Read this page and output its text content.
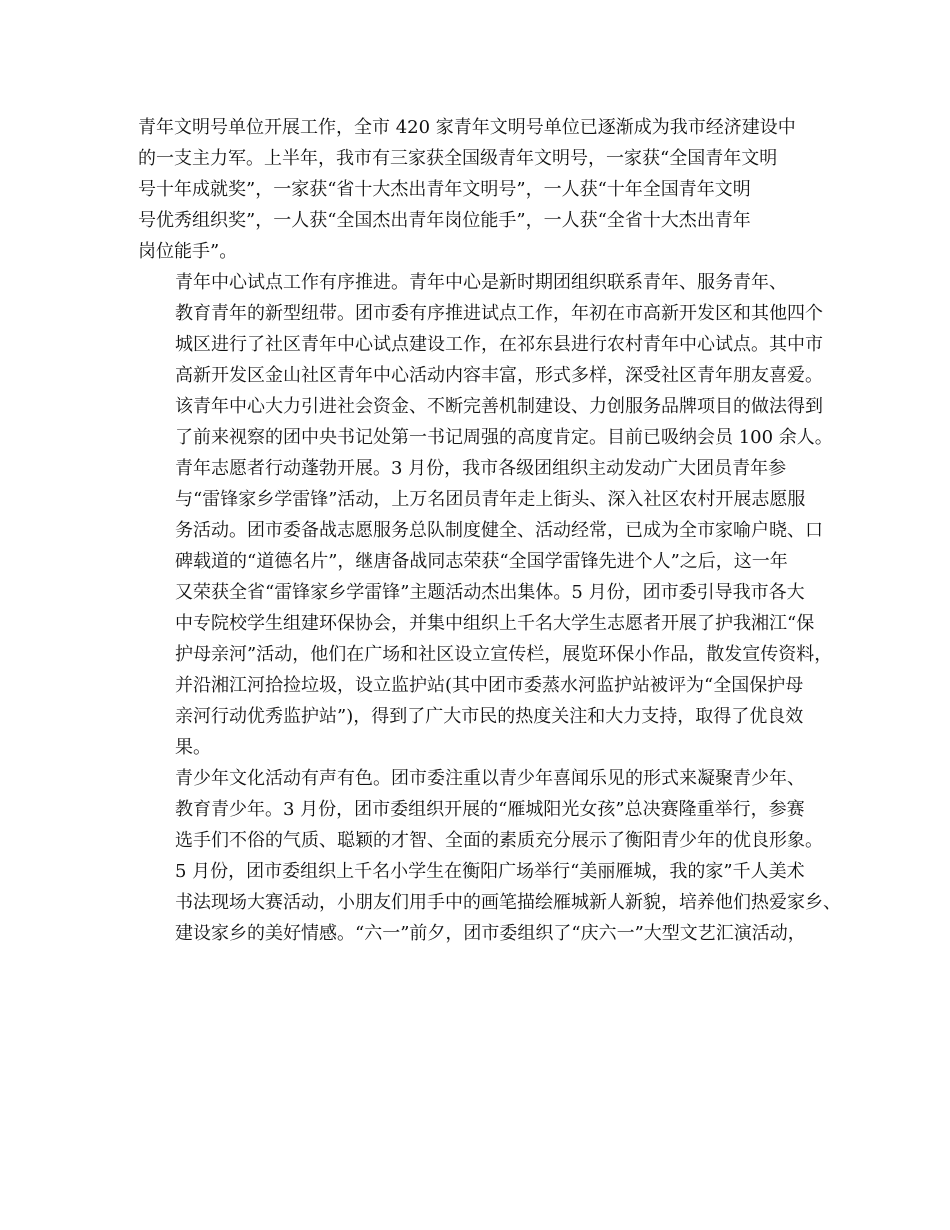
青年文明号单位开展工作，全市 420 家青年文明号单位已逐渐成为我市经济建设中
的一支主力军。上半年，我市有三家获全国级青年文明号，一家获“全国青年文明
号十年成就奖”，一家获“省十大杰出青年文明号”，一人获“十年全国青年文明
号优秀组织奖”，一人获“全国杰出青年岗位能手”，一人获“全省十大杰出青年
岗位能手”。

青年中心试点工作有序推进。青年中心是新时期团组织联系青年、服务青年、
教育青年的新型纽带。团市委有序推进试点工作，年初在市高新开发区和其他四个
城区进行了社区青年中心试点建设工作，在祁东县进行农村青年中心试点。其中市
高新开发区金山社区青年中心活动内容丰富，形式多样，深受社区青年朋友喜爱。
该青年中心大力引进社会资金、不断完善机制建设、力创服务品牌项目的做法得到
了前来视察的团中央书记处第一书记周强的高度肯定。目前已吸纳会员 100 余人。

青年志愿者行动蓬勃开展。3 月份，我市各级团组织主动发动广大团员青年参
与“雷锋家乡学雷锋”活动，上万名团员青年走上街头、深入社区农村开展志愿服
务活动。团市委备战志愿服务总队制度健全、活动经常，已成为全市家喻户晓、口
碑载道的“道德名片”，继唐备战同志荣获“全国学雷锋先进个人”之后，这一年
又荣获全省“雷锋家乡学雷锋”主题活动杰出集体。5 月份，团市委引导我市各大
中专院校学生组建环保协会，并集中组织上千名大学生志愿者开展了护我湘江“保
护母亲河”活动，他们在广场和社区设立宣传栏，展览环保小作品，散发宣传资料，
并沿湘江河拾捡垃圾，设立监护站(其中团市委蒸水河监护站被评为“全国保护母
亲河行动优秀监护站”)，得到了广大市民的热度关注和大力支持，取得了优良效
果。

青少年文化活动有声有色。团市委注重以青少年喜闻乐见的形式来凝聚青少年、
教育青少年。3 月份，团市委组织开展的“雁城阳光女孩”总决赛隆重举行，参赛
选手们不俗的气质、聪颖的才智、全面的素质充分展示了衡阳青少年的优良形象。
5 月份，团市委组织上千名小学生在衡阳广场举行“美丽雁城，我的家”千人美术
书法现场大赛活动，小朋友们用手中的画笔描绘雁城新人新貌，培养他们热爱家乡、
建设家乡的美好情感。“六一”前夕，团市委组织了“庆六一”大型文艺汇演活动，
